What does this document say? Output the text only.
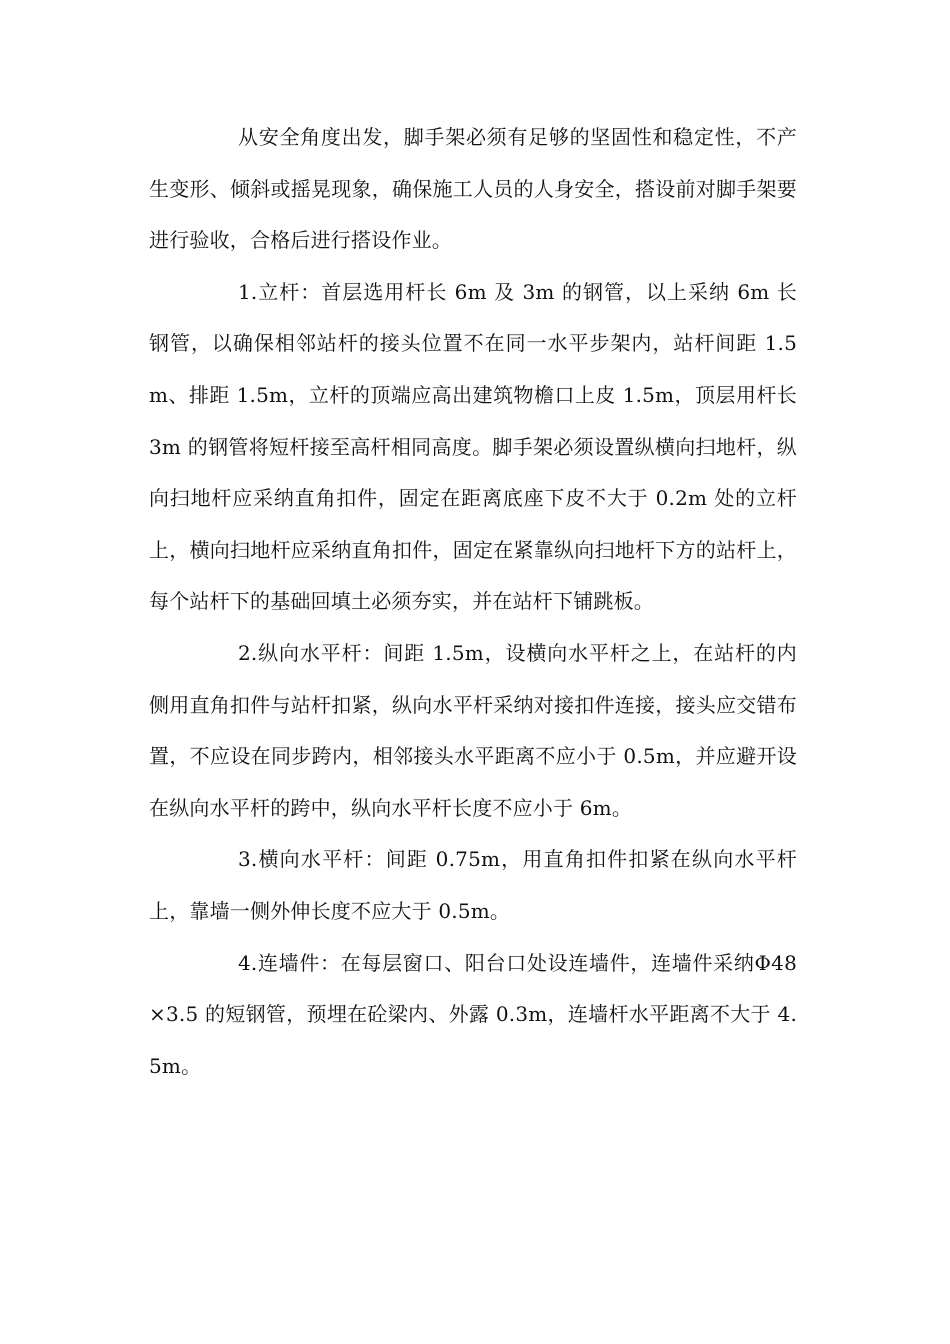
从安全角度出发，脚手架必须有足够的坚固性和稳定性，不产生变形、倾斜或摇晃现象，确保施工人员的人身安全，搭设前对脚手架要进行验收，合格后进行搭设作业。

1.立杆：首层选用杆长 6m 及 3m 的钢管，以上采纳 6m 长钢管，以确保相邻站杆的接头位置不在同一水平步架内，站杆间距 1.5m、排距 1.5m，立杆的顶端应高出建筑物檐口上皮 1.5m，顶层用杆长 3m 的钢管将短杆接至高杆相同高度。脚手架必须设置纵横向扫地杆，纵向扫地杆应采纳直角扣件，固定在距离底座下皮不大于 0.2m 处的立杆上，横向扫地杆应采纳直角扣件，固定在紧靠纵向扫地杆下方的站杆上，每个站杆下的基础回填土必须夯实，并在站杆下铺跳板。

2.纵向水平杆：间距 1.5m，设横向水平杆之上，在站杆的内侧用直角扣件与站杆扣紧，纵向水平杆采纳对接扣件连接，接头应交错布置，不应设在同步跨内，相邻接头水平距离不应小于 0.5m，并应避开设在纵向水平杆的跨中，纵向水平杆长度不应小于 6m。

3.横向水平杆：间距 0.75m，用直角扣件扣紧在纵向水平杆上，靠墙一侧外伸长度不应大于 0.5m。

4.连墙件：在每层窗口、阳台口处设连墙件，连墙件采纳Φ48×3.5 的短钢管，预埋在砼梁内、外露 0.3m，连墙杆水平距离不大于 4.5m。
